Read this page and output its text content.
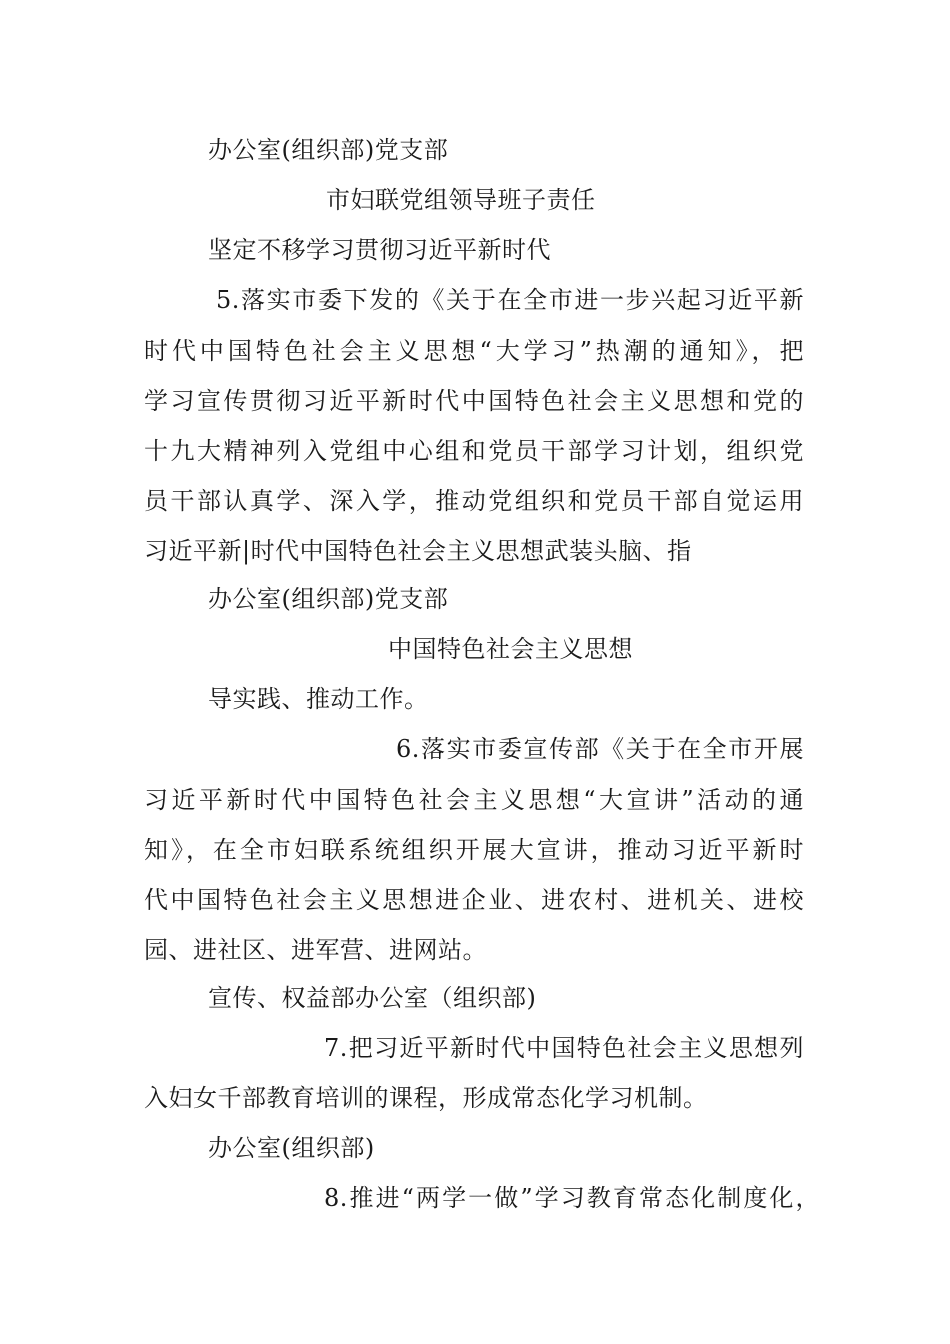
办公室(组织部)党支部
市妇联党组领导班子责任
坚定不移学习贯彻习近平新时代
5.落实市委下发的《关于在全市进一步兴起习近平新
时代中国特色社会主义思想“大学习”热潮的通知》，把
学习宣传贯彻习近平新时代中国特色社会主义思想和党的
十九大精神列入党组中心组和党员干部学习计划，组织党
员干部认真学、深入学，推动党组织和党员干部自觉运用
习近平新|时代中国特色社会主义思想武装头脑、指
办公室(组织部)党支部
中国特色社会主义思想
导实践、推动工作。
6.落实市委宣传部《关于在全市开展
习近平新时代中国特色社会主义思想“大宣讲”活动的通
知》，在全市妇联系统组织开展大宣讲，推动习近平新时
代中国特色社会主义思想进企业、进农村、进机关、进校
园、进社区、进军营、进网站。
宣传、权益部办公室（组织部)
7.把习近平新时代中国特色社会主义思想列
入妇女千部教育培训的课程，形成常态化学习机制。
办公室(组织部)
8.推进“两学一做”学习教育常态化制度化，
